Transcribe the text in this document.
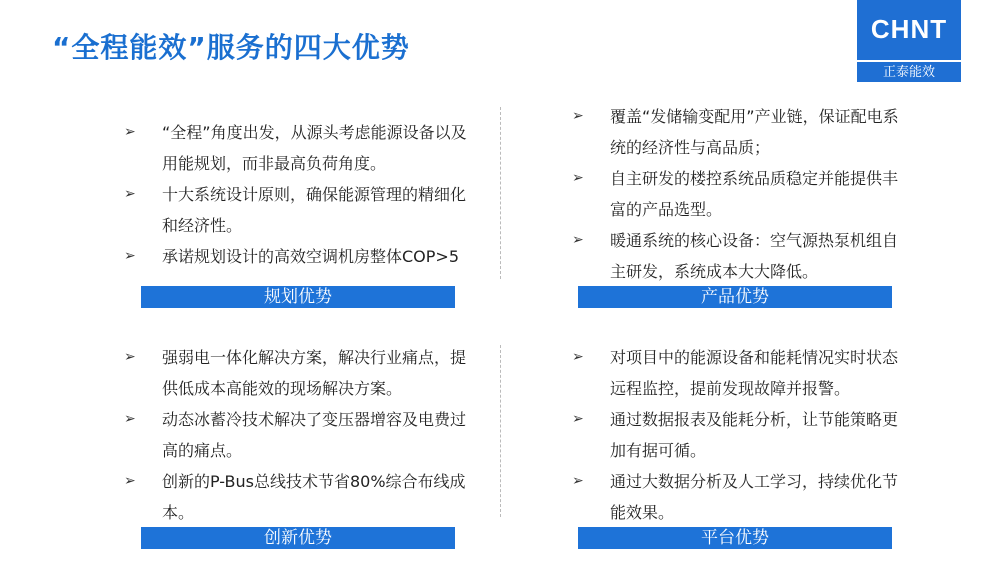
“全程能效”服务的四大优势
CHNT
正泰能效
➢ “全程”角度出发，从源头考虑能源设备以及用能规划，而非最高负荷角度。
➢ 十大系统设计原则，确保能源管理的精细化和经济性。
➢ 承诺规划设计的高效空调机房整体COP>5
规划优势
➢ 覆盖“发储输变配用”产业链，保证配电系统的经济性与高品质；
➢ 自主研发的楼控系统品质稳定并能提供丰富的产品选型。
➢ 暖通系统的核心设备：空气源热泵机组自主研发，系统成本大大降低。
产品优势
➢ 强弱电一体化解决方案，解决行业痛点，提供低成本高能效的现场解决方案。
➢ 动态冰蓄冷技术解决了变压器增容及电费过高的痛点。
➢ 创新的P-Bus总线技术节省80%综合布线成本。
创新优势
➢ 对项目中的能源设备和能耗情况实时状态远程监控，提前发现故障并报警。
➢ 通过数据报表及能耗分析，让节能策略更加有据可循。
➢ 通过大数据分析及人工学习，持续优化节能效果。
平台优势
